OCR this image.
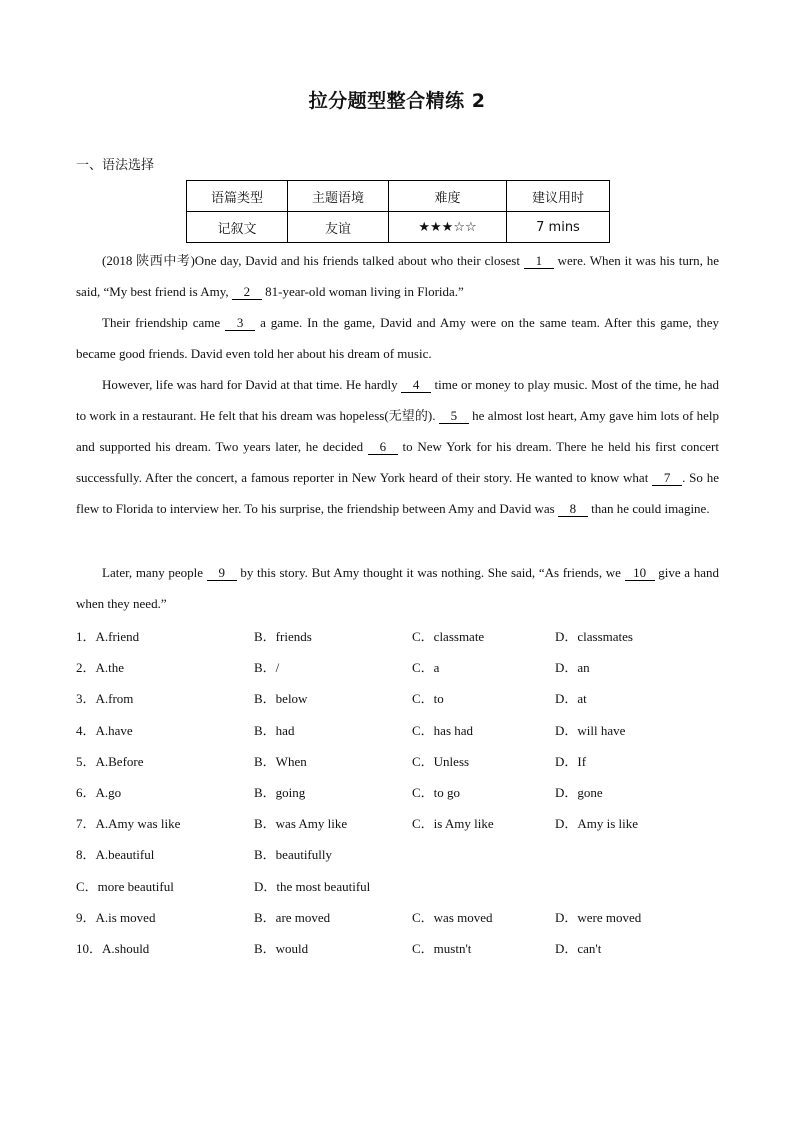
拉分题型整合精练 2
一、语法选择
语篇类型	主题语境	难度	建议用时
记叙文	友谊	★★★☆☆	7 mins
(2018 陕西中考)One day, David and his friends talked about who their closest 1 were. When it was his turn, he said, “My best friend is Amy, 2 81-year-old woman living in Florida.”
Their friendship came 3 a game. In the game, David and Amy were on the same team. After this game, they became good friends. David even told her about his dream of music.
However, life was hard for David at that time. He hardly 4 time or money to play music. Most of the time, he had to work in a restaurant. He felt that his dream was hopeless(无望的). 5 he almost lost heart, Amy gave him lots of help and supported his dream. Two years later, he decided 6 to New York for his dream. There he held his first concert successfully. After the concert, a famous reporter in New York heard of their story. He wanted to know what 7 . So he flew to Florida to interview her. To his surprise, the friendship between Amy and David was 8 than he could imagine.
Later, many people 9 by this story. But Amy thought it was nothing. She said, “As friends, we 10 give a hand when they need.”
1．A.friend	B．friends	C．classmate	D．classmates
2．A.the	B．/	C．a	D．an
3．A.from	B．below	C．to	D．at
4．A.have	B．had	C．has had	D．will have
5．A.Before	B．When	C．Unless	D．If
6．A.go	B．going	C．to go	D．gone
7．A.Amy was like	B．was Amy like	C．is Amy like	D．Amy is like
8．A.beautiful	B．beautifully
C．more beautiful	D．the most beautiful
9．A.is moved	B．are moved	C．was moved	D．were moved
10．A.should	B．would	C．mustn't	D．can't
